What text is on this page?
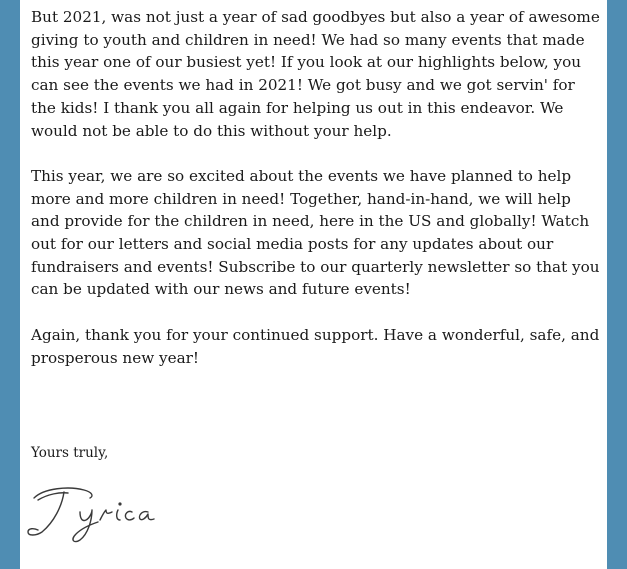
But 2021, was not just a year of sad goodbyes but also a year of awesome giving to youth and children in need! We had so many events that made this year one of our busiest yet! If you look at our highlights below, you can see the events we had in 2021! We got busy and we got servin' for the kids! I thank you all again for helping us out in this endeavor. We would not be able to do this without your help.

This year, we are so excited about the events we have planned to help more and more children in need! Together, hand-in-hand, we will help and provide for the children in need, here in the US and globally! Watch out for our letters and social media posts for any updates about our fundraisers and events! Subscribe to our quarterly newsletter so that you can be updated with our news and future events!

Again, thank you for your continued support. Have a wonderful, safe, and prosperous new year!

Yours truly,
